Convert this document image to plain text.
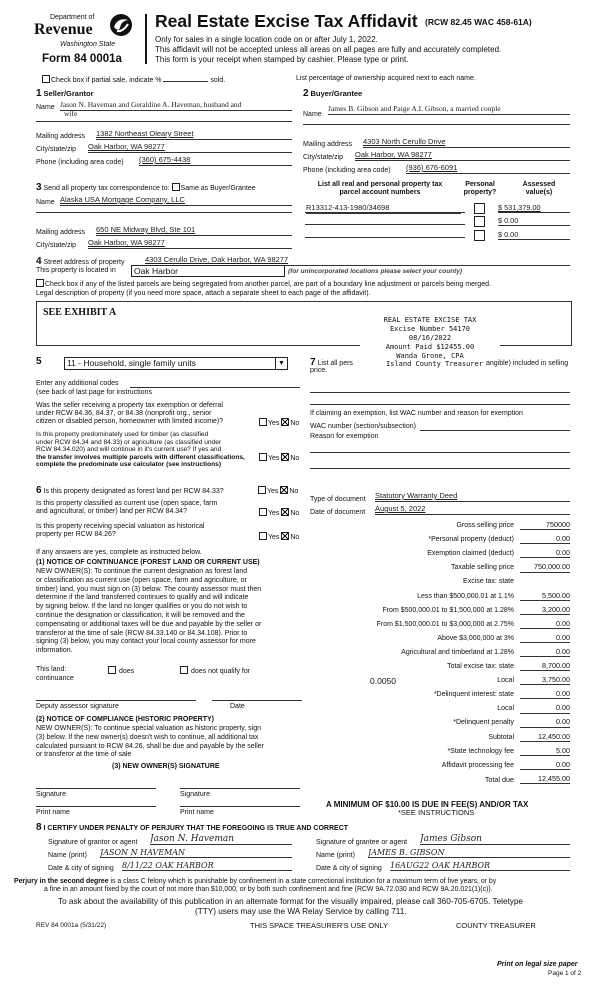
Department of
Revenue
Washington State
Form 84 0001a
Real Estate Excise Tax Affidavit (RCW 82.45 WAC 458-61A)
Only for sales in a single location code on or after July 1, 2022.
This affidavit will not be accepted unless all areas on all pages are fully and accurately completed.
This form is your receipt when stamped by cashier. Please type or print.
Check box if partial sale, indicate %	sold.	List percentage of ownership acquired next to each name.
1 Seller/Grantor
Name Jason N. Haveman and Geraldine A. Haveman, husband and
wife
Mailing address 1382 Northeast Oleary Street
City/state/zip Oak Harbor, WA 98277
Phone (including area code) (360) 675-4438
2 Buyer/Grantee
Name
James B. Gibson and Paige A.I. Gibson, a married couple
Mailing address 4303 North Cerullo Drive
City/state/zip Oak Harbor, WA 98277
Phone (including area code) (936) 676-6091
3 Send all property tax correspondence to: Same as Buyer/Grantee
Name Alaska USA Mortgage Company, LLC
Mailing address 650 NE Midway Blvd, Ste 101
City/state/zip Oak Harbor, WA 98277
List all real and personal property tax
parcel account numbers
Personal
property?
Assessed
value(s)
R13312-413-1980/34698	$ 531,379.00
$ 0.00
$ 0.00
4 Street address of property	4303 Cerullo Drive, Oak Harbor, WA 98277
This property is located in	Oak Harbor	(for unincorporated locations please select your county)
Check box if any of the listed parcels are being segregated from another parcel, are part of a boundary line adjustment or parcels being merged.
Legal description of property (if you need more space, attach a separate sheet to each page of the affidavit).
SEE EXHIBIT A
REAL ESTATE EXCISE TAX
Excise Number 54170
08/16/2022
Amount Paid $12455.00
Wanda Grone, CPA
5	11 - Household, single family units	▼
Enter any additional codes
(see back of last page for instructions
Was the seller receiving a property tax exemption or deferral
under RCW 84.36, 84.37, or 84.38 (nonprofit org., senior
citizen or disabled person, homeowner with limited income)?	Yes No
Is this property predominately used for timber (as classified
under RCW 84.34 and 84.33) or agriculture (as classified under
RCW 84.34.020) and will continue in it's current use? If yes and
the transfer involves multiple parcels with different classifications,
complete the predominate use calculator (see instructions)
Yes No
7 List all pers	Island County Treasurer angible) included in selling
price.
If claiming an exemption, list WAC number and reason for exemption
WAC number (section/subsection)
Reason for exemption
6 Is this property designated as forest land per RCW 84.33?	Yes No
Is this property classified as current use (open space, farm
and agricultural, or timber) land per RCW 84.34?	Yes No
Is this property receiving special valuation as historical
property per RCW 84.26?	Yes No
If any answers are yes, complete as instructed below.
(1) NOTICE OF CONTINUANCE (FOREST LAND OR CURRENT USE)
NEW OWNER(S): To continue the current designation as forest land
or classification as current use (open space, farm and agriculture, or
timber) land, you must sign on (3) below. The county assessor must then
determine if the land transferred continues to qualify and will indicate
by signing below. If the land no longer qualifies or you do not wish to
continue the designation or classification, it will be removed and the
compensating or additional taxes will be due and payable by the seller or
transferor at the time of sale (RCW 84.33.140 or 84.34.108). Prior to
signing (3) below, you may contact your local county assessor for more
information.
This land:
continuance
does	does not qualify for
Deputy assessor signature	Date
(2) NOTICE OF COMPLIANCE (HISTORIC PROPERTY)
NEW OWNER(S): To continue special valuation as historic property, sign
(3) below. If the new owner(s) doesn't wish to continue, all additional tax
calculated pursuant to RCW 84.26, shall be due and payable by the seller
or transferor at the time of sale
(3) NEW OWNER(S) SIGNATURE
Signature	Signature
Print name	Print name
Type of document Statutory Warranty Deed
Date of document August 5, 2022
Gross selling price	750000
*Personal property (deduct)	0.00
Exemption claimed (deduct)	0.00
Taxable selling price	750,000.00
Excise tax: state
Less than $500,000.01 at 1.1%	5,500.00
From $500,000.01 to $1,500,000 at 1.28%	3,200.00
From $1,500,000.01 to $3,000,000 at 2.75%	0.00
Above $3,000,000 at 3%	0.00
Agricultural and timberland at 1.28%	0.00
Total excise tax: state	8,700.00
Local	3,750.00
0.0050
*Delinquent interest: state	0.00
Local	0.00
*Delinquent penalty	0.00
Subtotal	12,450.00
*State technology fee	5.00
Affidavit processing fee	0.00
Total due	12,455.00
A MINIMUM OF $10.00 IS DUE IN FEE(S) AND/OR TAX
*SEE INSTRUCTIONS
8 I CERTIFY UNDER PENALTY OF PERJURY THAT THE FOREGOING IS TRUE AND CORRECT
Signature of grantor or agent Jason N. Haveman
Name (print) JASON N HAVEMAN
Date & city of signing 8/11/22 OAK HARBOR
Signature of grantee or agent James Gibson
Name (print) JAMES B. GIBSON
Date & city of signing 16AUG22 OAK HARBOR
Perjury in the second degree is a class C felony which is punishable by confinement in a state correctional institution for a maximum term of five years, or by
a fine in an amount fixed by the court of not more than $10,000, or by both such confinement and fine (RCW 9A.72.030 and RCW 9A.20.021(1)(c)).
To ask about the availability of this publication in an alternate format for the visually impaired, please call 360-705-6705. Teletype
(TTY) users may use the WA Relay Service by calling 711.
REV 84 0001a (5/31/22)	THIS SPACE TREASURER'S USE ONLY	COUNTY TREASURER
Print on legal size paper
Page 1 of 2
